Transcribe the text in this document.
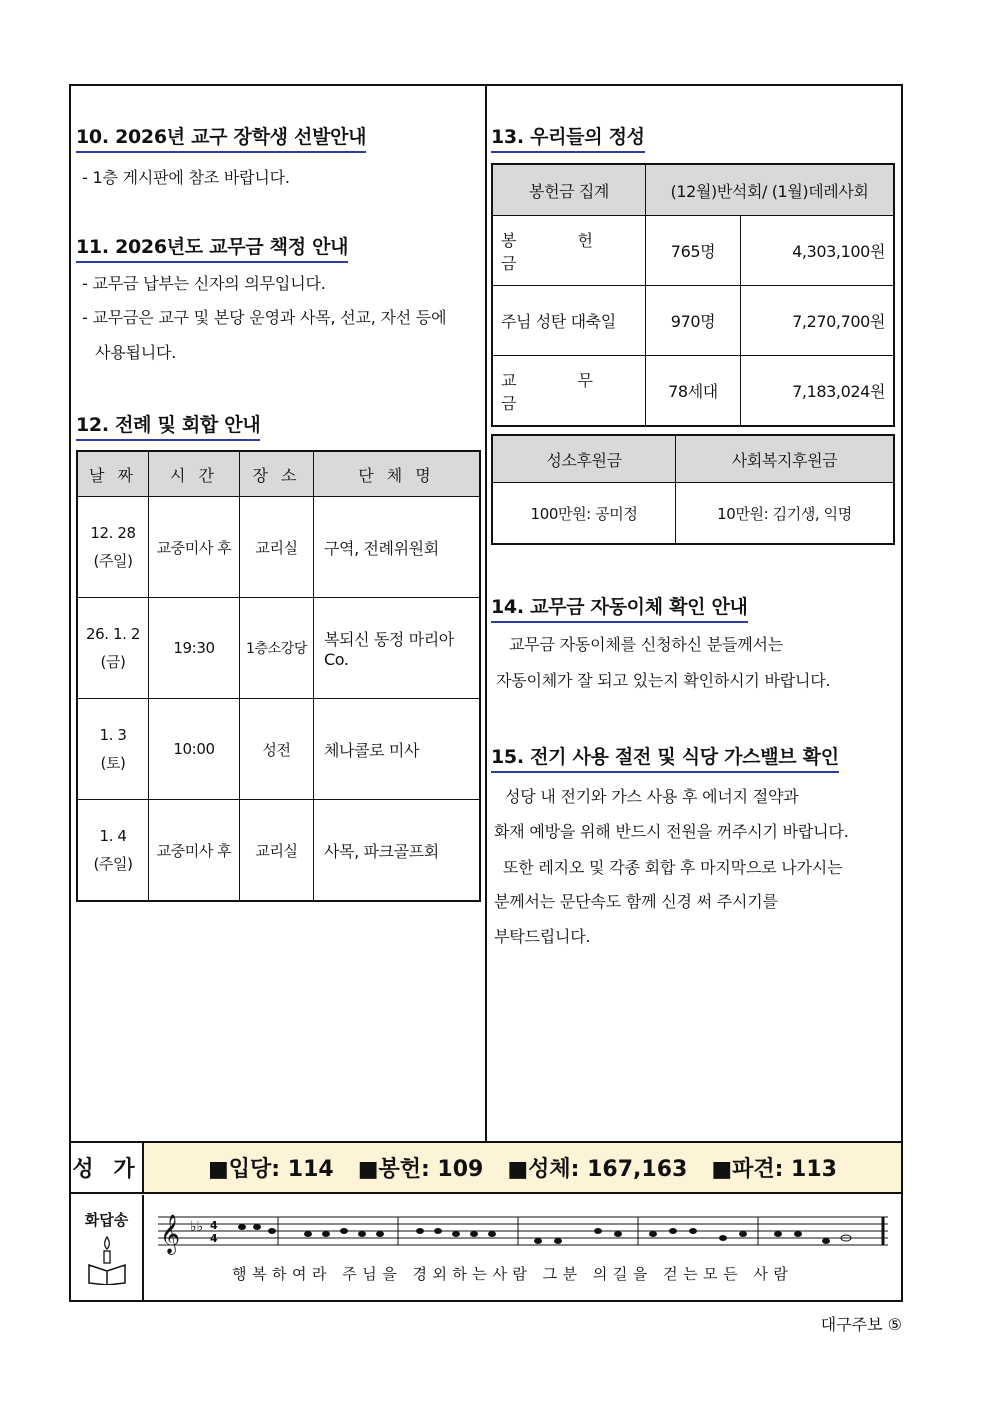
10. 2026년 교구 장학생 선발안내
- 1층 게시판에 참조 바랍니다.
11. 2026년도 교무금 책정 안내
- 교무금 납부는 신자의 의무입니다.
- 교무금은 교구 및 본당 운영과 사목, 선교, 자선 등에
사용됩니다.
12. 전례 및 회합 안내
날 짜	시 간	장 소	단 체 명

12. 28
(주일)	교중미사 후	교리실	구역, 전례위원회

26. 1. 2
(금)	19:30	1층소강당	복되신 동정 마리아 Co.

1. 3
(토)	10:00	성전	체나콜로 미사

1. 4
(주일)	교중미사 후	교리실	사목, 파크골프회
13. 우리들의 정성
봉헌금 집계	(12월)반석회/ (1월)데레사회	
봉 헌 금	765명	4,303,100원
주님 성탄 대축일	970명	7,270,700원
교 무 금	78세대	7,183,024원
성소후원금	사회복지후원금
100만원: 공미정	10만원: 김기생, 익명
14. 교무금 자동이체 확인 안내
교무금 자동이체를 신청하신 분들께서는
자동이체가 잘 되고 있는지 확인하시기 바랍니다.
15. 전기 사용 절전 및 식당 가스밸브 확인
성당 내 전기와 가스 사용 후 에너지 절약과
화재 예방을 위해 반드시 전원을 꺼주시기 바랍니다.
또한 레지오 및 각종 회합 후 마지막으로 나가시는
분께서는 문단속도 함께 신경 써 주시기를
부탁드립니다.
성 가	■입당: 114 ■봉헌: 109 ■성체: 167,163 ■파견: 113
화답송 𝄞 ♭♭ 4
4
행복하여라 주님을 경외하는사람 그분 의길을 걷는모든 사람
대구주보 ⑤
